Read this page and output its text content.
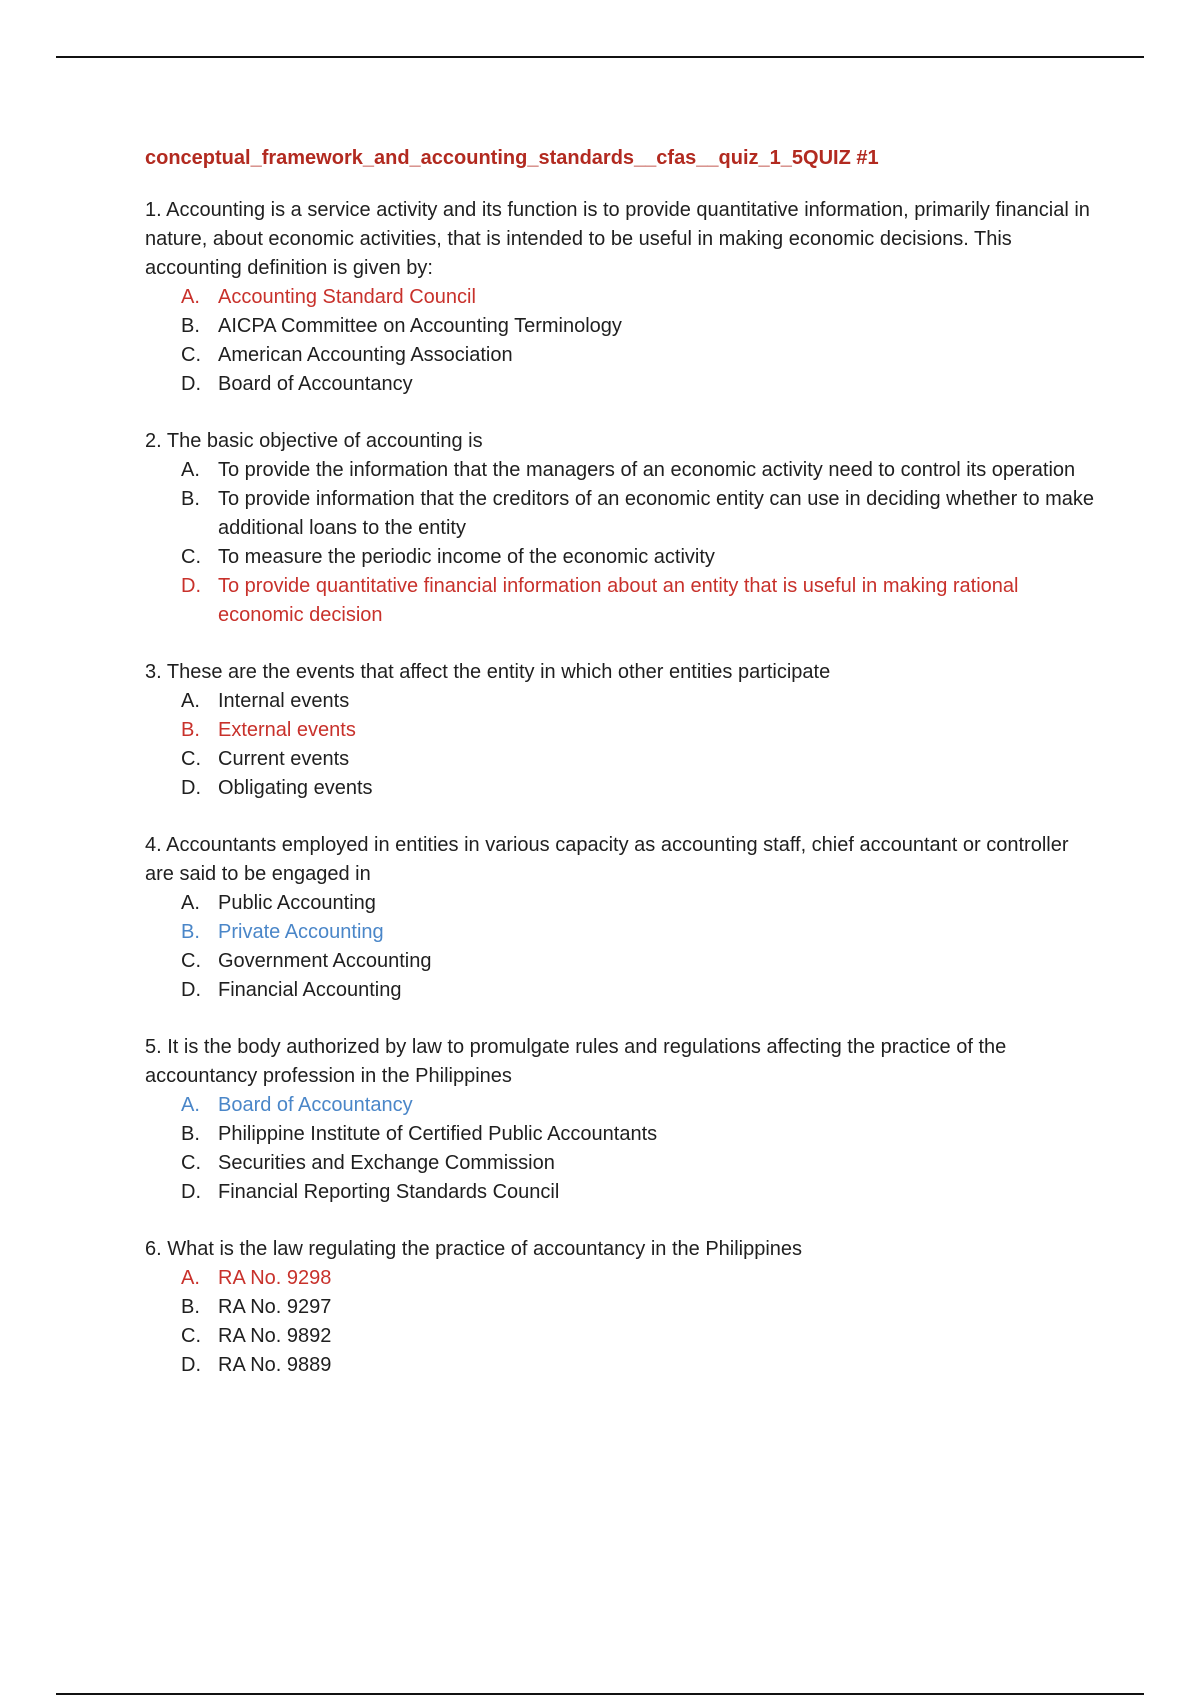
conceptual_framework_and_accounting_standards__cfas__quiz_1_5QUIZ #1

1. Accounting is a service activity and its function is to provide quantitative information, primarily financial in nature, about economic activities, that is intended to be useful in making economic decisions. This accounting definition is given by:

A. Accounting Standard Council
B. AICPA Committee on Accounting Terminology
C. American Accounting Association
D. Board of Accountancy

2. The basic objective of accounting is

A. To provide the information that the managers of an economic activity need to control its operation
B. To provide information that the creditors of an economic entity can use in deciding whether to make additional loans to the entity
C. To measure the periodic income of the economic activity
D. To provide quantitative financial information about an entity that is useful in making rational economic decision

3. These are the events that affect the entity in which other entities participate

A. Internal events
B. External events
C. Current events
D. Obligating events

4. Accountants employed in entities in various capacity as accounting staff, chief accountant or controller are said to be engaged in

A. Public Accounting
B. Private Accounting
C. Government Accounting
D. Financial Accounting

5. It is the body authorized by law to promulgate rules and regulations affecting the practice of the accountancy profession in the Philippines

A. Board of Accountancy
B. Philippine Institute of Certified Public Accountants
C. Securities and Exchange Commission
D. Financial Reporting Standards Council

6. What is the law regulating the practice of accountancy in the Philippines

A. RA No. 9298
B. RA No. 9297
C. RA No. 9892
D. RA No. 9889
